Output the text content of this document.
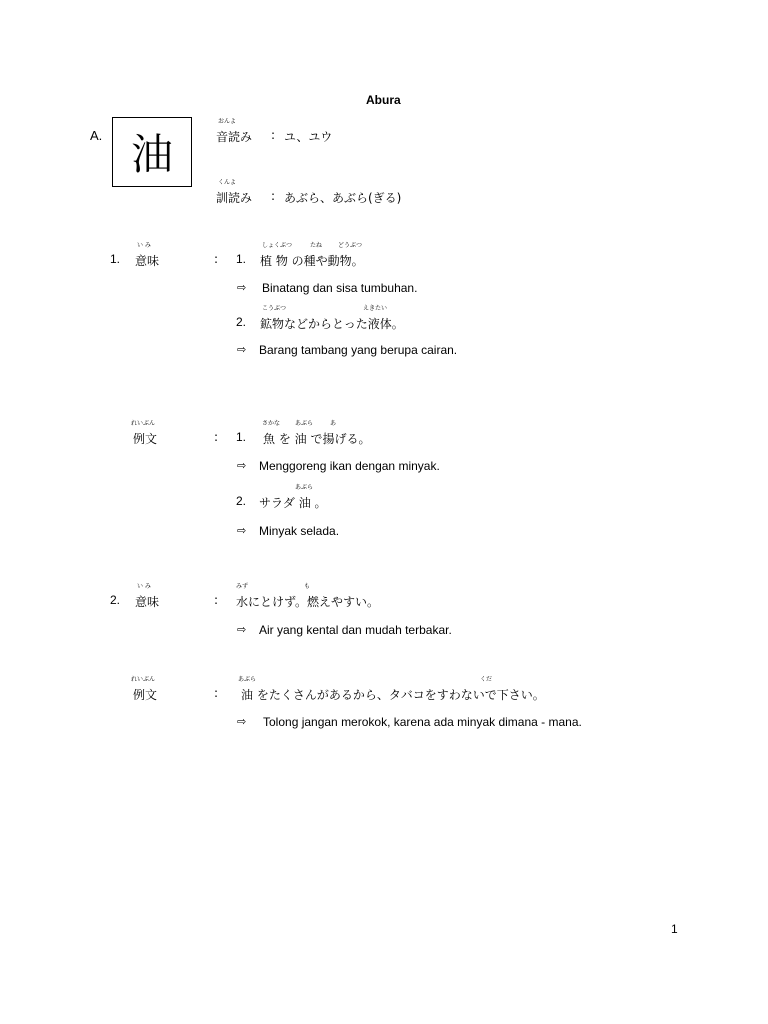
Abura
A. 油
おんよ
音読み : ユ、ユウ
くんよ
訓読み : あぶら、あぶら(ぎる)
1.
い み
意味	: 1.
しょくぶつ	たね	どうぶつ
植 物 の種や動物。
⇨ Binatang dan sisa tumbuhan.
2.
こうぶつ	えきたい
鉱物などからとった液体。
⇨ Barang tambang yang berupa cairan.
れいぶん
例文	: 1.
さかな あぶら	あ
魚 を 油 で揚げる。
⇨ Menggoreng ikan dengan minyak.
2.
あぶら
サラダ 油 。
⇨ Minyak selada.
2.
い み
意味	:
みず	も
水にとけず。燃えやすい。
⇨ Air yang kental dan mudah terbakar.
れいぶん
例文	:
あぶら	くだ
油 をたくさんがあるから、タバコをすわないで下さい。
⇨ Tolong jangan merokok, karena ada minyak dimana - mana.
1
